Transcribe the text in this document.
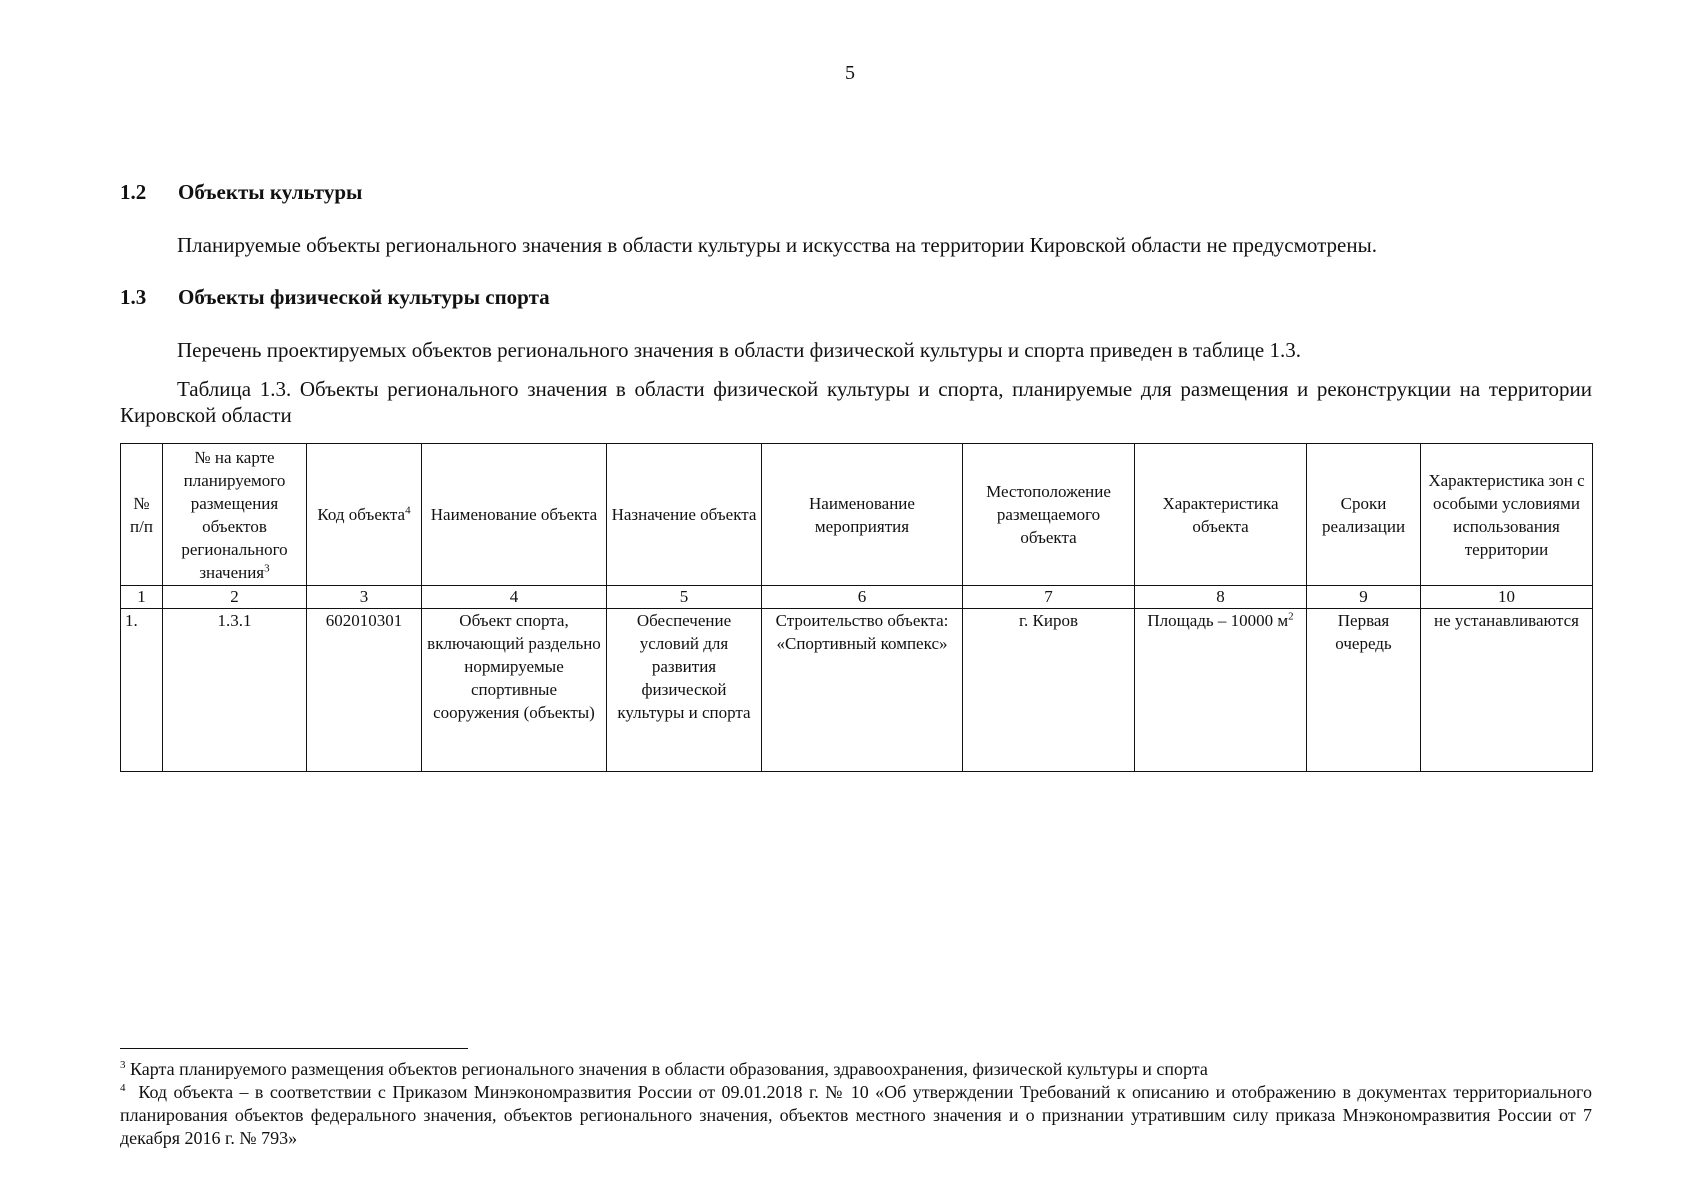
5
1.2 Объекты культуры
Планируемые объекты регионального значения в области культуры и искусства на территории Кировской области не предусмотрены.
1.3 Объекты физической культуры спорта
Перечень проектируемых объектов регионального значения в области физической культуры и спорта приведен в таблице 1.3.
Таблица 1.3. Объекты регионального значения в области физической культуры и спорта, планируемые для размещения и реконструкции на территории Кировской области
№ п/п	№ на карте планируемого размещения объектов регионального значения$^3$	Код объекта$^4$	Наименование объекта	Назначение объекта	Наименование мероприятия	Местоположение размещаемого объекта	Характеристика объекта	Сроки реализации	Характеристика зон с особыми условиями использования территории
1	2	3	4	5	6	7	8	9	10
1.	1.3.1	602010301	Объект спорта, включающий раздельно нормируемые спортивные сооружения (объекты)	Обеспечение условий для развития физической культуры и спорта	Строительство объекта: «Спортивный компекс»	г. Киров	Площадь – 10000 $м^2$	Первая очередь	не устанавливаются

$^3$ Карта планируемого размещения объектов регионального значения в области образования, здравоохранения, физической культуры и спорта

$^4$ Код объекта – в соответствии с Приказом Минэкономразвития России от 09.01.2018 г. № 10 «Об утверждении Требований к описанию и отображению в документах территориального планирования объектов федерального значения, объектов регионального значения, объектов местного значения и о признании утратившим силу приказа Мнэкономразвития России от 7 декабря 2016 г. № 793»
